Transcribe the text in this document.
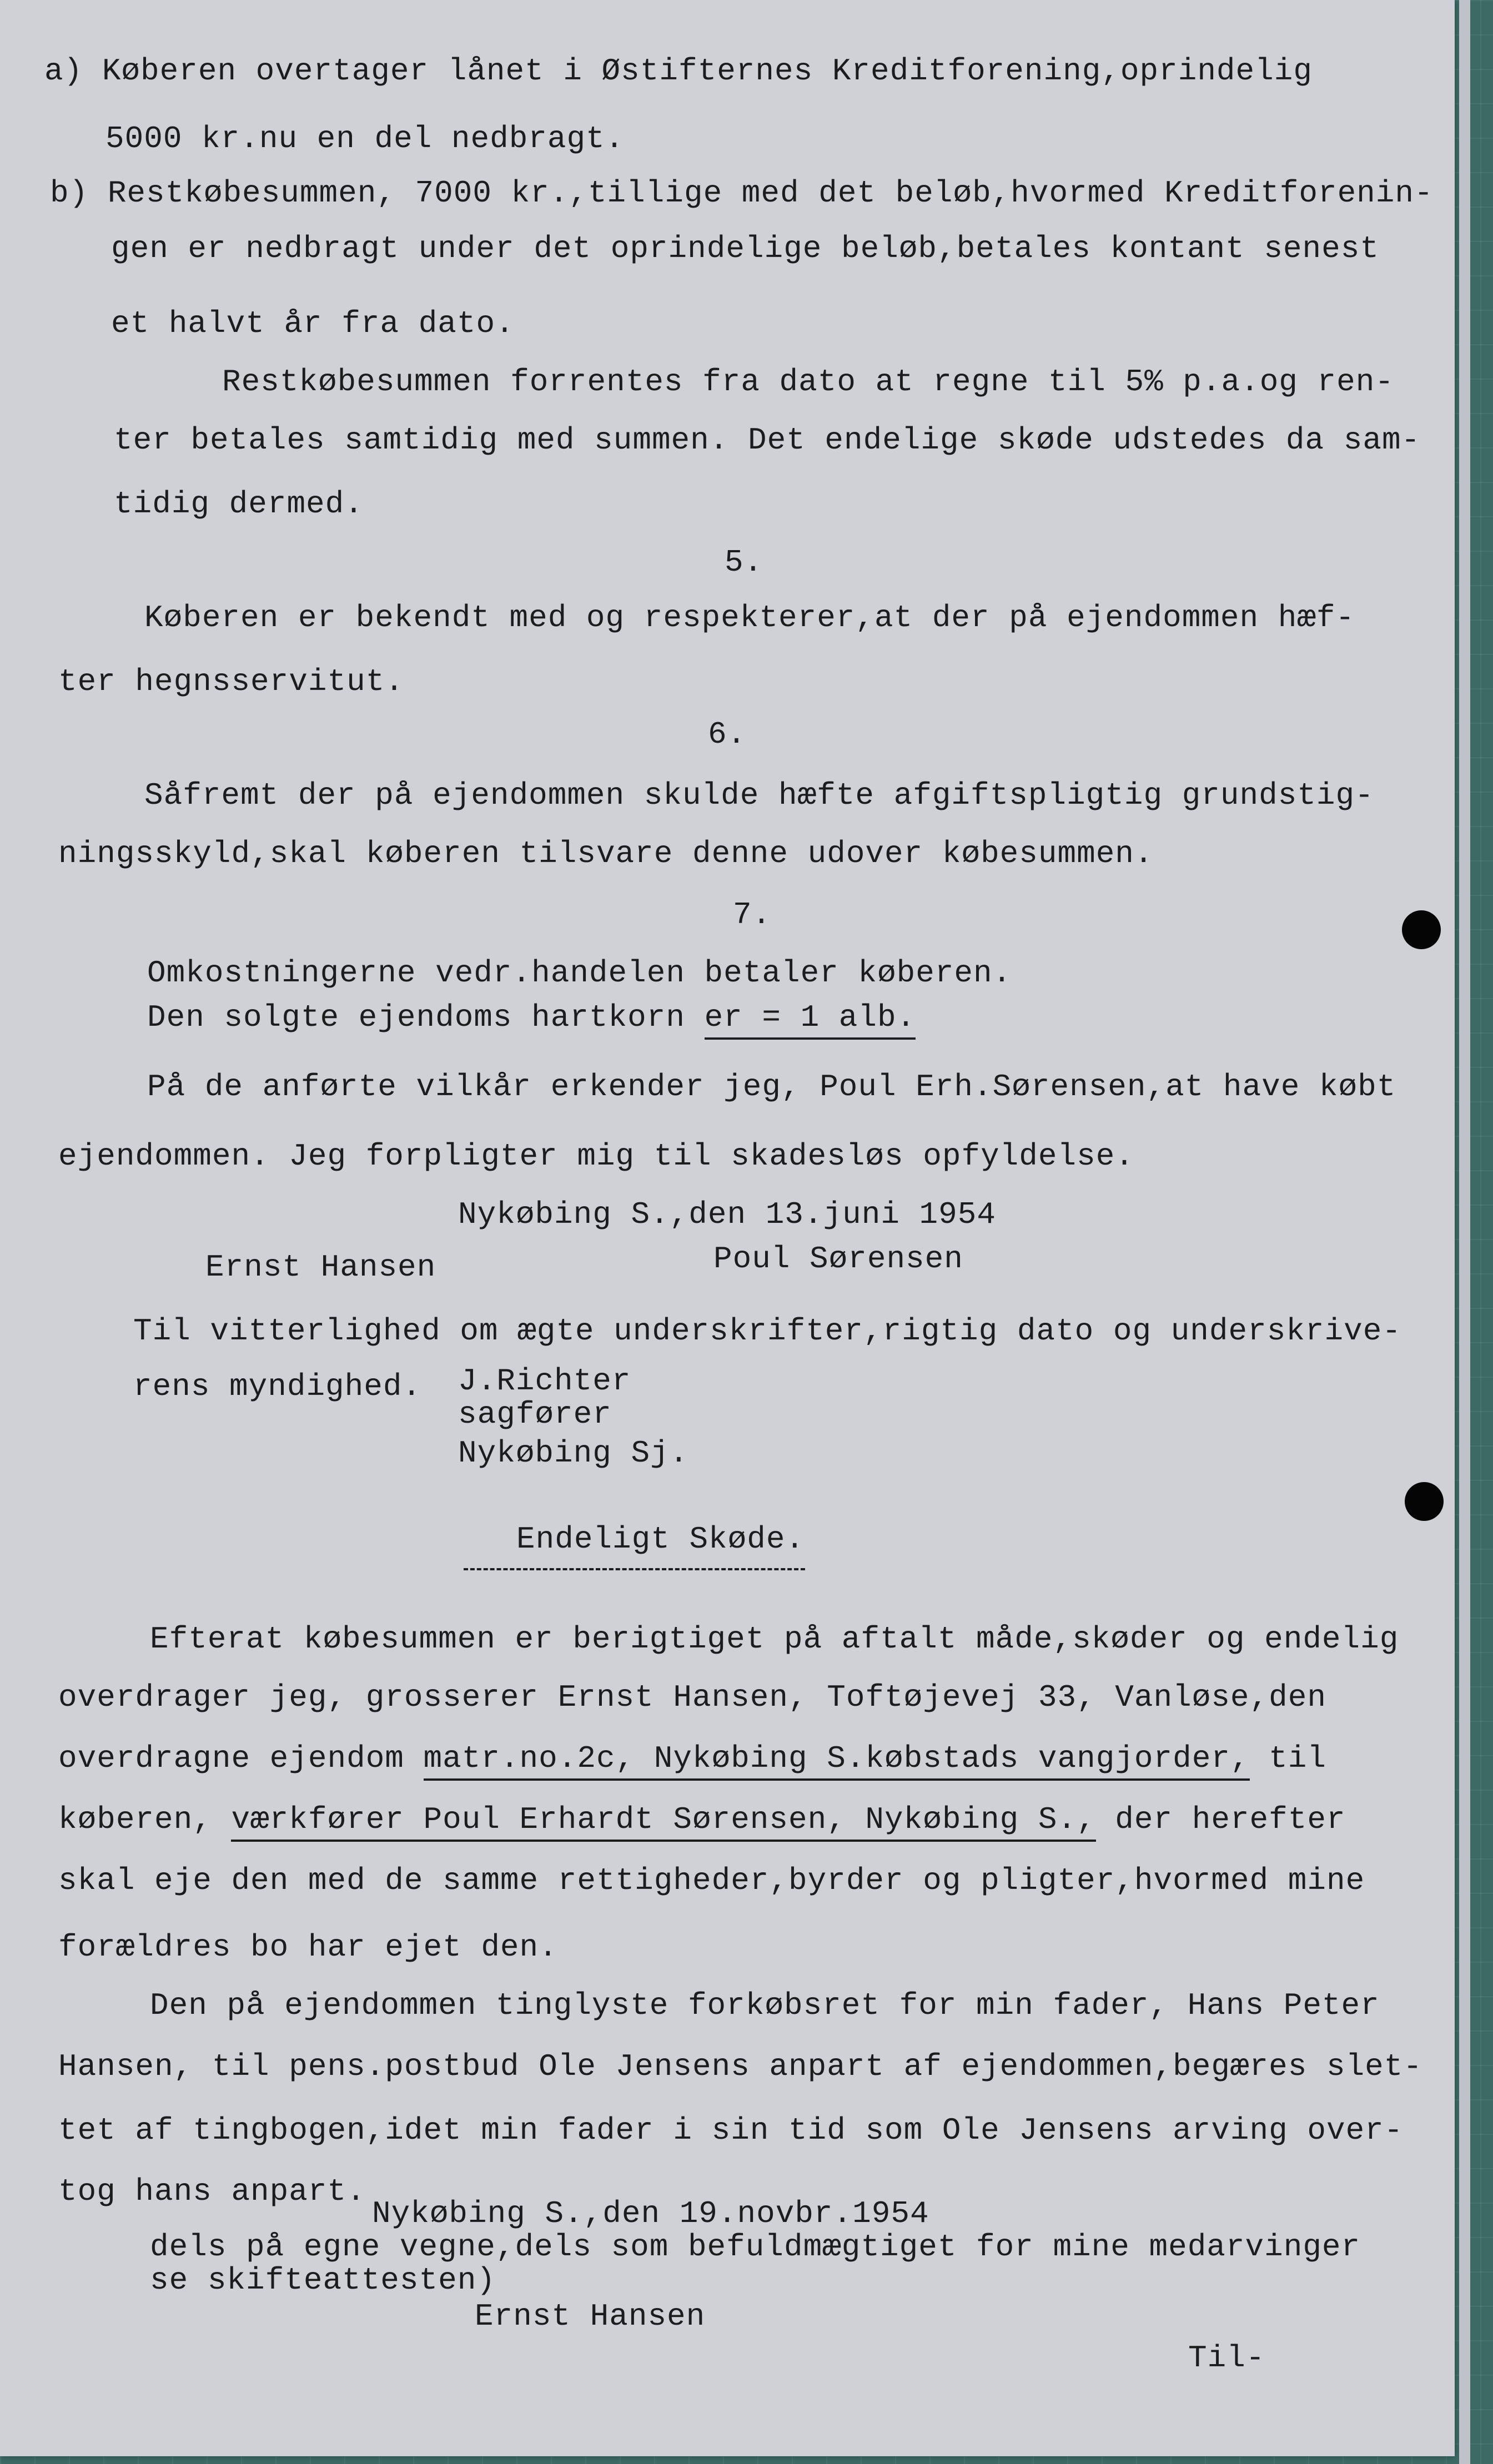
a) Køberen overtager lånet i Østifternes Kreditforening,oprindelig

5000 kr.nu en del nedbragt.

b) Restkøbesummen, 7000 kr.,tillige med det beløb,hvormed Kreditforenin-

gen er nedbragt under det oprindelige beløb,betales kontant senest

et halvt år fra dato.

Restkøbesummen forrentes fra dato at regne til 5% p.a.og ren-

ter betales samtidig med summen. Det endelige skøde udstedes da sam-

tidig dermed.

5.

Køberen er bekendt med og respekterer,at der på ejendommen hæf-

ter hegnsservitut.

6.

Såfremt der på ejendommen skulde hæfte afgiftspligtig grundstig-

ningsskyld,skal køberen tilsvare denne udover købesummen.

7.

Omkostningerne vedr.handelen betaler køberen.

Den solgte ejendoms hartkorn er = 1 alb.

På de anførte vilkår erkender jeg, Poul Erh.Sørensen,at have købt

ejendommen. Jeg forpligter mig til skadesløs opfyldelse.

Nykøbing S.,den 13.juni 1954

Ernst Hansen	Poul Sørensen

Til vitterlighed om ægte underskrifter,rigtig dato og underskrive-

rens myndighed. J.Richter

sagfører

Nykøbing Sj.

Endeligt Skøde.

Efterat købesummen er berigtiget på aftalt måde,skøder og endelig

overdrager jeg, grosserer Ernst Hansen, Toftøjevej 33, Vanløse,den

overdragne ejendom matr.no.2c, Nykøbing S.købstads vangjorder, til

køberen, værkfører Poul Erhardt Sørensen, Nykøbing S., der herefter

skal eje den med de samme rettigheder,byrder og pligter,hvormed mine

forældres bo har ejet den.

Den på ejendommen tinglyste forkøbsret for min fader, Hans Peter

Hansen, til pens.postbud Ole Jensens anpart af ejendommen,begæres slet-

tet af tingbogen,idet min fader i sin tid som Ole Jensens arving over-

tog hans anpart.

Nykøbing S.,den 19.novbr.1954

dels på egne vegne,dels som befuldmægtiget for mine medarvinger

se skifteattesten)

Ernst Hansen

Til-
